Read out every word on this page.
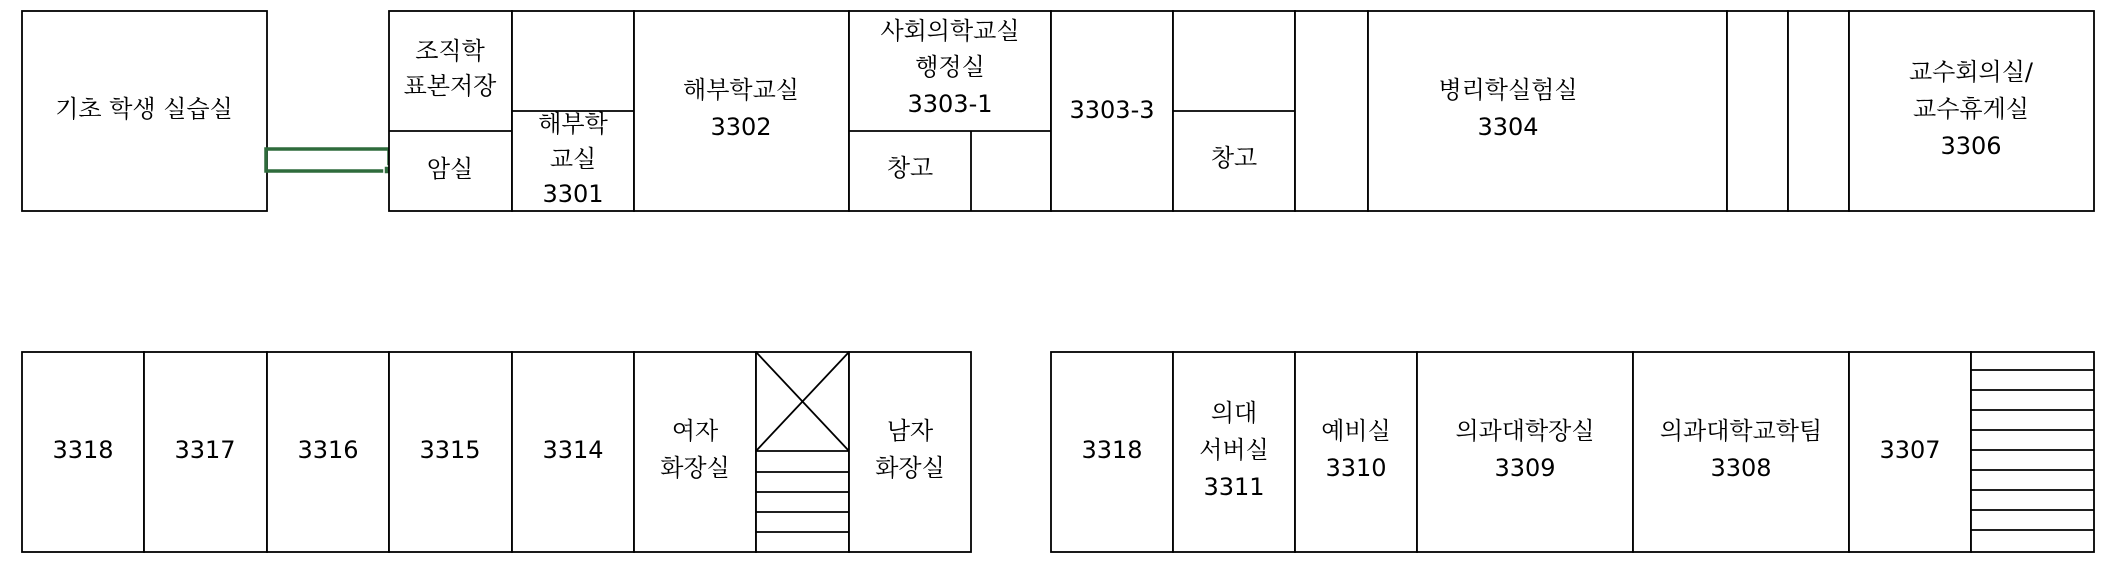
기초 학생 실습실
조직학
표본저장
암실
해부학
교실
3301
해부학교실
3302
사회의학교실
행정실
3303-1
창고
3303-3
창고
병리학실험실
3304
교수회의실/
교수휴게실
3306
3318	3317	3316	3315	3314
여자
화장실
남자
화장실
3318
의대
서버실
3311
예비실
3310
의과대학장실
3309
의과대학교학팀
3308
3307
